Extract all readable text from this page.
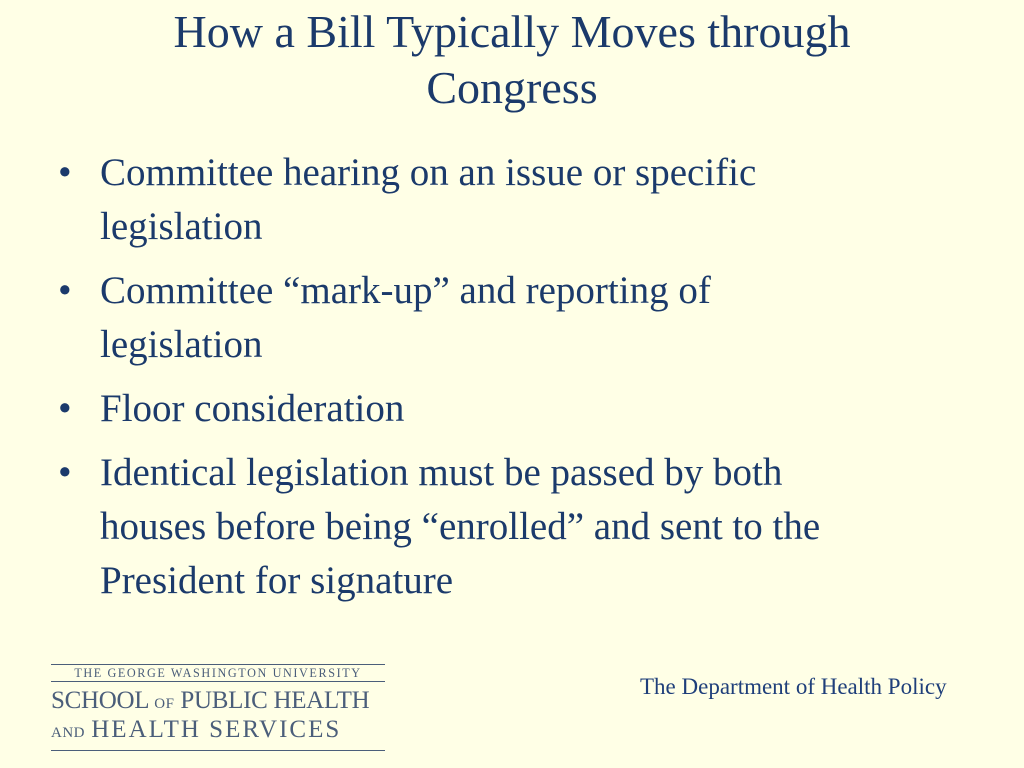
How a Bill Typically Moves through
Congress
• Committee hearing on an issue or specific
legislation
• Committee “mark-up” and reporting of
legislation
• Floor consideration
• Identical legislation must be passed by both
houses before being “enrolled” and sent to the
President for signature
THE GEORGE WASHINGTON UNIVERSITY
SCHOOL OF PUBLIC HEALTH
AND HEALTH SERVICES
The Department of Health Policy
